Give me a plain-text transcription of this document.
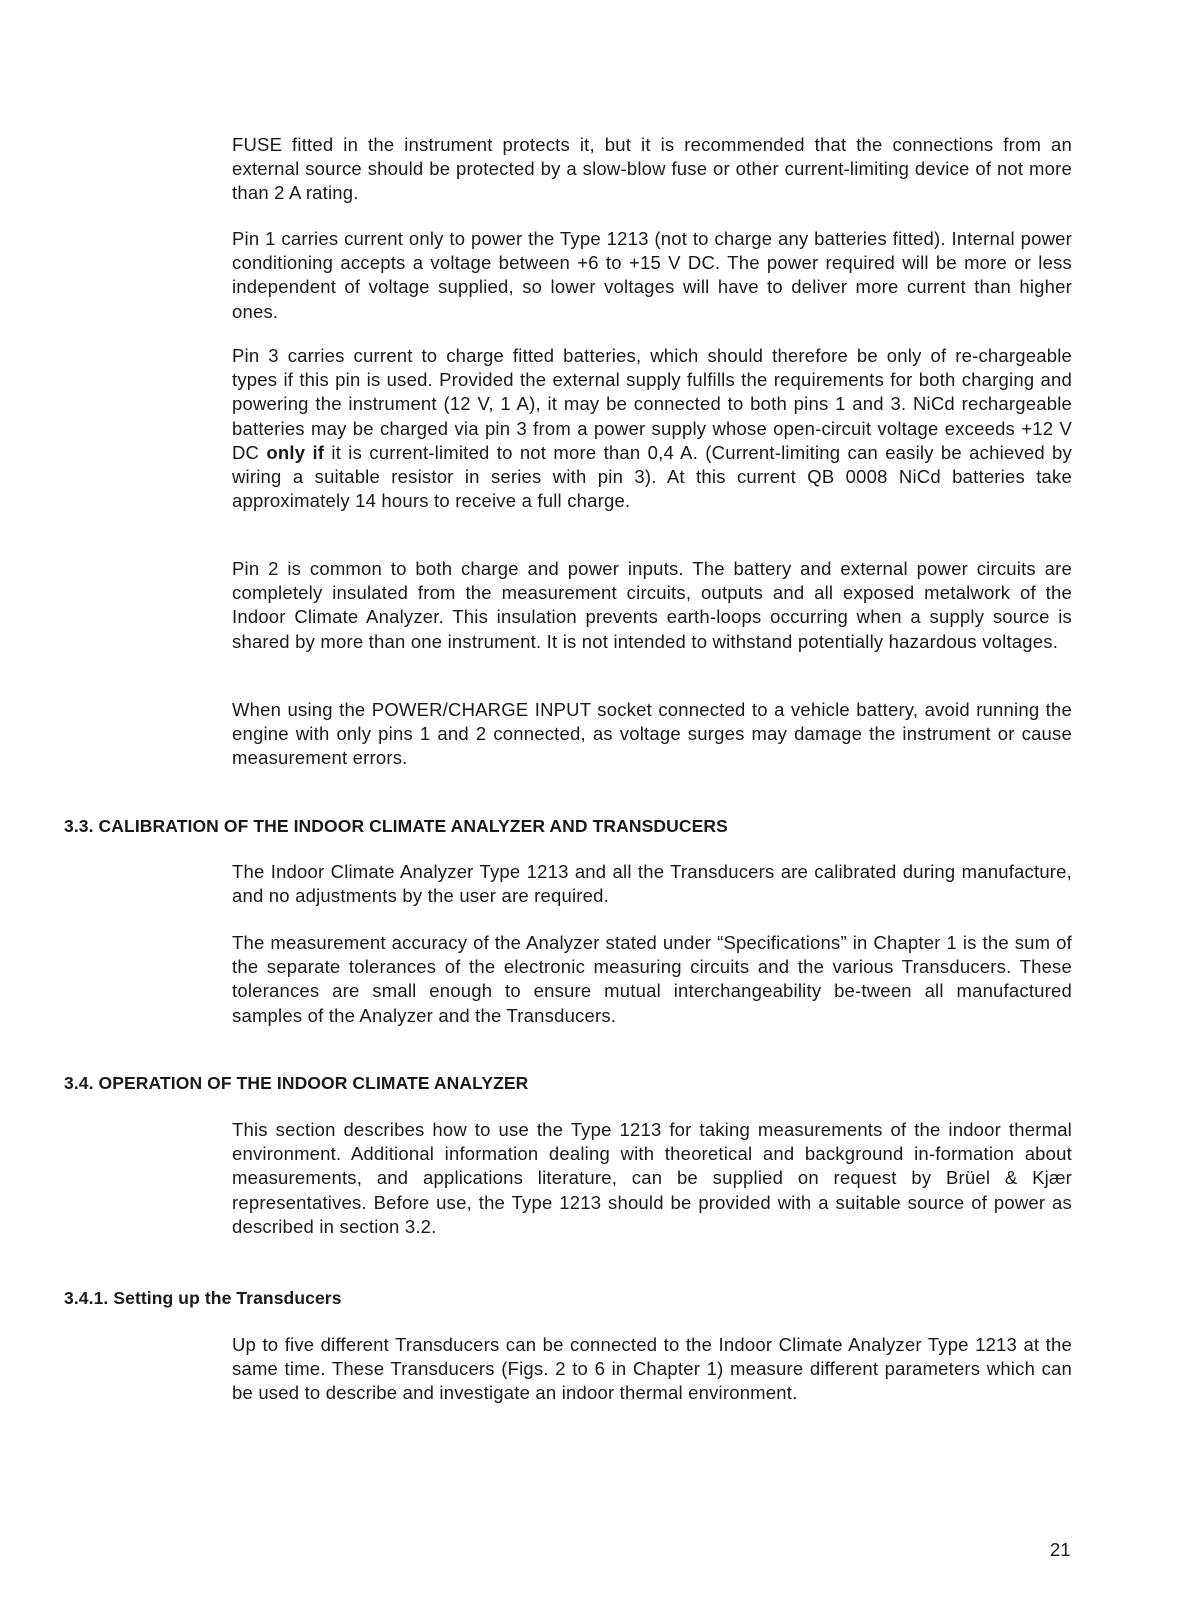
FUSE fitted in the instrument protects it, but it is recommended that the connections from an external source should be protected by a slow-blow fuse or other current-limiting device of not more than 2 A rating.

Pin 1 carries current only to power the Type 1213 (not to charge any batteries fitted). Internal power conditioning accepts a voltage between +6 to +15 V DC. The power required will be more or less independent of voltage supplied, so lower voltages will have to deliver more current than higher ones.

Pin 3 carries current to charge fitted batteries, which should therefore be only of re-chargeable types if this pin is used. Provided the external supply fulfills the requirements for both charging and powering the instrument (12 V, 1 A), it may be connected to both pins 1 and 3. NiCd rechargeable batteries may be charged via pin 3 from a power supply whose open-circuit voltage exceeds +12 V DC only if it is current-limited to not more than 0,4 A. (Current-limiting can easily be achieved by wiring a suitable resistor in series with pin 3). At this current QB 0008 NiCd batteries take approximately 14 hours to receive a full charge.

Pin 2 is common to both charge and power inputs. The battery and external power circuits are completely insulated from the measurement circuits, outputs and all exposed metalwork of the Indoor Climate Analyzer. This insulation prevents earth-loops occurring when a supply source is shared by more than one instrument. It is not intended to withstand potentially hazardous voltages.

When using the POWER/CHARGE INPUT socket connected to a vehicle battery, avoid running the engine with only pins 1 and 2 connected, as voltage surges may damage the instrument or cause measurement errors.

3.3. CALIBRATION OF THE INDOOR CLIMATE ANALYZER AND TRANSDUCERS

The Indoor Climate Analyzer Type 1213 and all the Transducers are calibrated during manufacture, and no adjustments by the user are required.

The measurement accuracy of the Analyzer stated under “Specifications” in Chapter 1 is the sum of the separate tolerances of the electronic measuring circuits and the various Transducers. These tolerances are small enough to ensure mutual interchangeability be-tween all manufactured samples of the Analyzer and the Transducers.

3.4. OPERATION OF THE INDOOR CLIMATE ANALYZER

This section describes how to use the Type 1213 for taking measurements of the indoor thermal environment. Additional information dealing with theoretical and background in-formation about measurements, and applications literature, can be supplied on request by Brüel & Kjær representatives. Before use, the Type 1213 should be provided with a suitable source of power as described in section 3.2.

3.4.1. Setting up the Transducers

Up to five different Transducers can be connected to the Indoor Climate Analyzer Type 1213 at the same time. These Transducers (Figs. 2 to 6 in Chapter 1) measure different parameters which can be used to describe and investigate an indoor thermal environment.

21
